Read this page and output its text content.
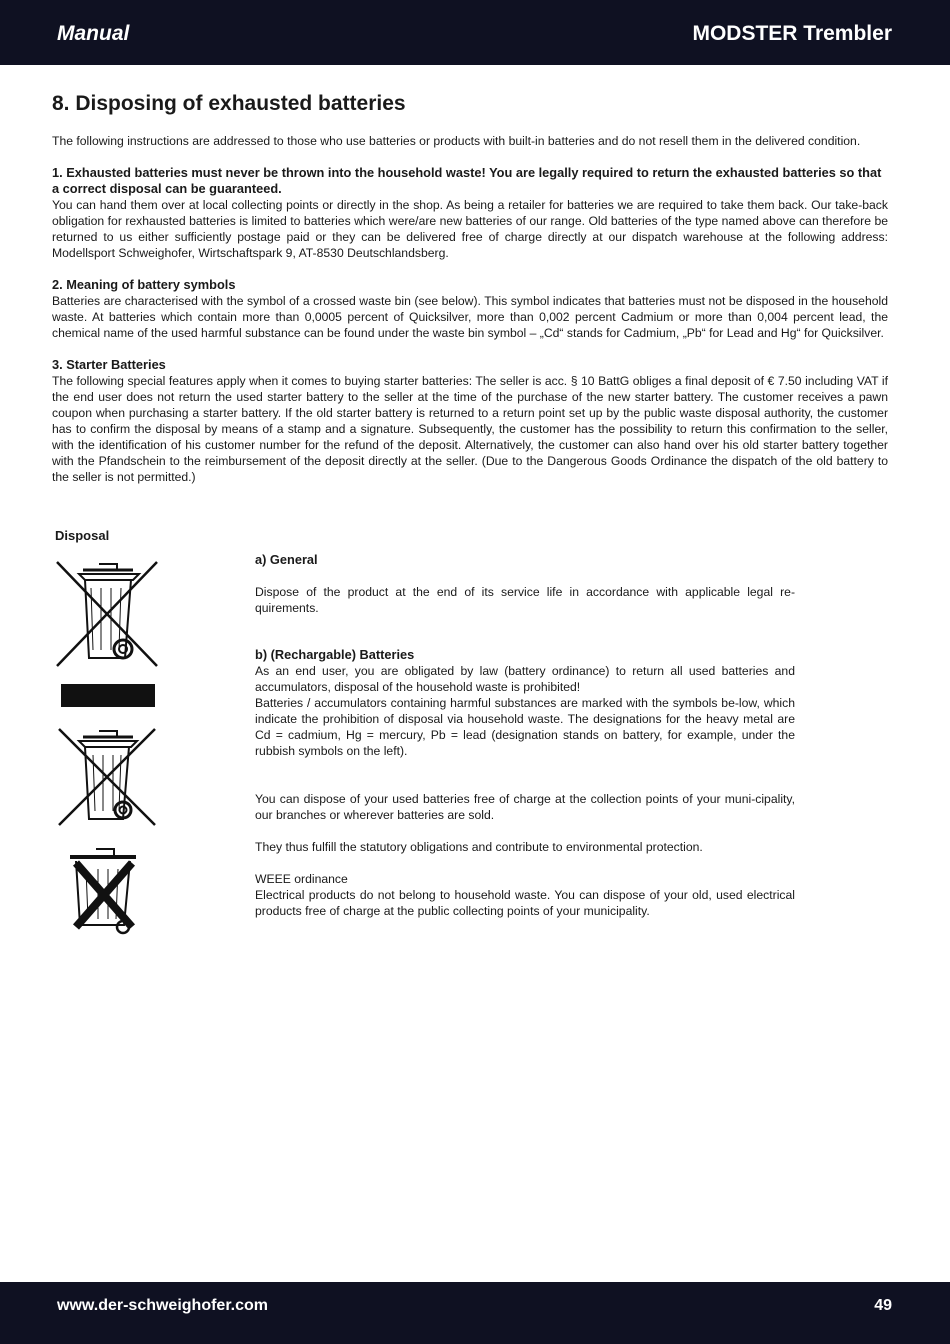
Manual	MODSTER Trembler
8. Disposing of exhausted batteries

The following instructions are addressed to those who use batteries or products with built-in batteries and do not resell them in the delivered condition.

1. Exhausted batteries must never be thrown into the household waste! You are legally required to return the exhausted batteries so that a correct disposal can be guaranteed.

You can hand them over at local collecting points or directly in the shop. As being a retailer for batteries we are required to take them back. Our take-back obligation for rexhausted batteries is limited to batteries which were/are new batteries of our range. Old batteries of the type named above can therefore be returned to us either sufficiently postage paid or they can be delivered free of charge directly at our dispatch warehouse at the following address: Modellsport Schweighofer, Wirtschaftspark 9, AT-8530 Deutschlandsberg.

2. Meaning of battery symbols

Batteries are characterised with the symbol of a crossed waste bin (see below). This symbol indicates that batteries must not be disposed in the household waste. At batteries which contain more than 0,0005 percent of Quicksilver, more than 0,002 percent Cadmium or more than 0,004 percent lead, the chemical name of the used harmful substance can be found under the waste bin symbol – „Cd“ stands for Cadmium, „Pb“ for Lead and Hg“ for Quicksilver.

3. Starter Batteries

The following special features apply when it comes to buying starter batteries: The seller is acc. § 10 BattG obliges a final deposit of € 7.50 including VAT if the end user does not return the used starter battery to the seller at the time of the purchase of the new starter battery. The customer receives a pawn coupon when purchasing a starter battery. If the old starter battery is returned to a return point set up by the public waste disposal authority, the customer has to confirm the disposal by means of a stamp and a signature. Subsequently, the customer has the possibility to return this confirmation to the seller, with the identification of his customer number for the refund of the deposit. Alternatively, the customer can also hand over his old starter battery together with the Pfandschein to the reimbursement of the deposit directly at the seller. (Due to the Dangerous Goods Ordinance the dispatch of the old battery to the seller is not permitted.)

Disposal
a) General

Dispose of the product at the end of its service life in accordance with applicable legal re-quirements.

b) (Rechargable) Batteries

As an end user, you are obligated by law (battery ordinance) to return all used batteries and accumulators, disposal of the household waste is prohibited!

Batteries / accumulators containing harmful substances are marked with the symbols be-low, which indicate the prohibition of disposal via household waste. The designations for the heavy metal are Cd = cadmium, Hg = mercury, Pb = lead (designation stands on battery, for example, under the rubbish symbols on the left).

You can dispose of your used batteries free of charge at the collection points of your muni-cipality, our branches or wherever batteries are sold.

They thus fulfill the statutory obligations and contribute to environmental protection.

WEEE ordinance

Electrical products do not belong to household waste. You can dispose of your old, used electrical products free of charge at the public collecting points of your municipality.

www.der-schweighofer.com	49
